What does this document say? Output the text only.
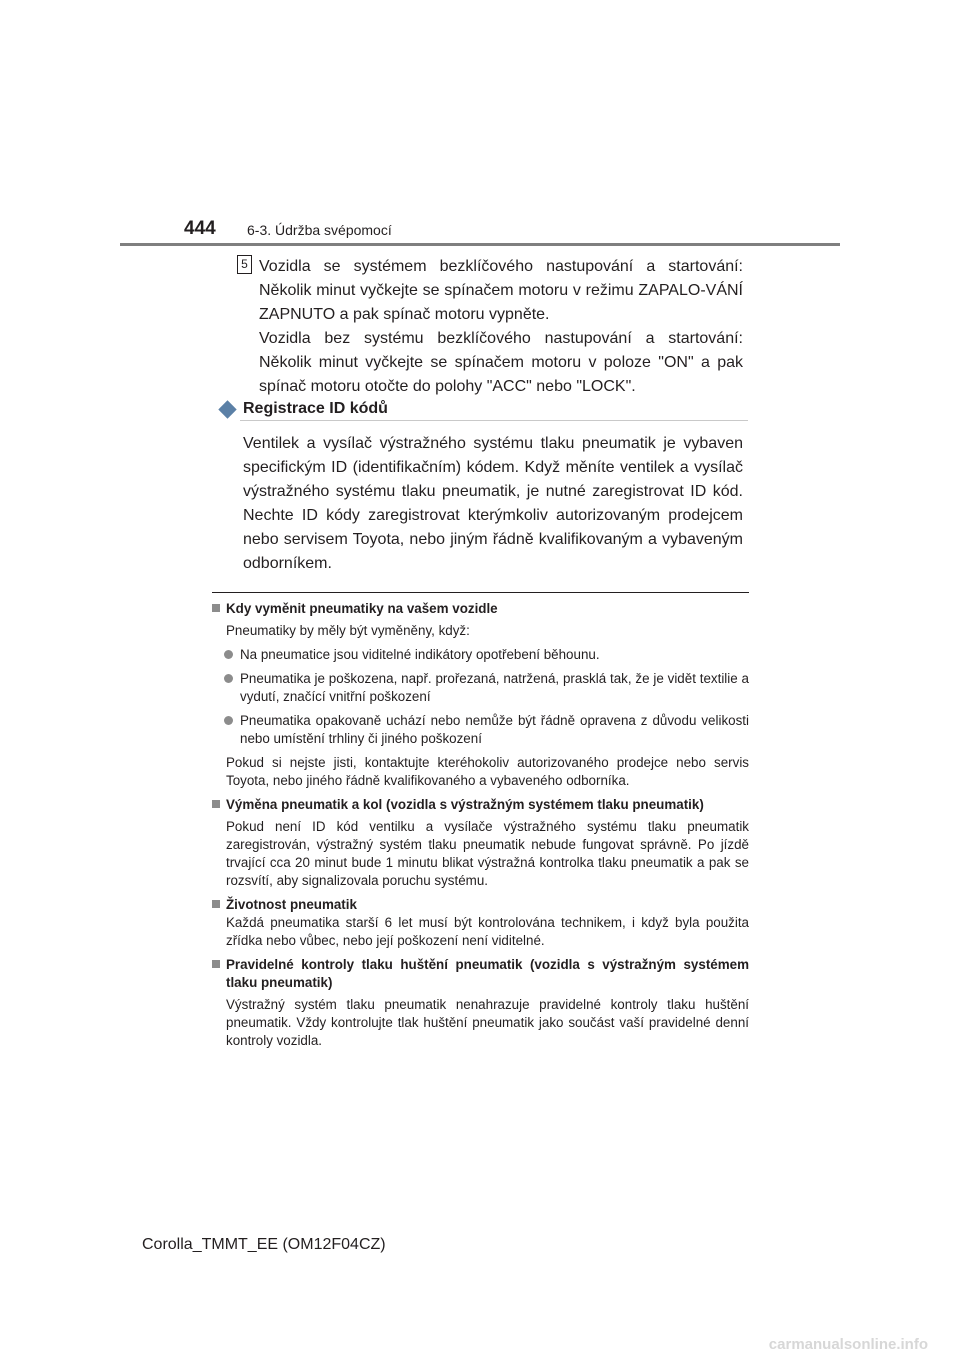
444 6-3. Údržba svépomocí
5 Vozidla se systémem bezklíčového nastupování a startování: Několik minut vyčkejte se spínačem motoru v režimu ZAPALO-VÁNÍ ZAPNUTO a pak spínač motoru vypněte.

Vozidla bez systému bezklíčového nastupování a startování: Několik minut vyčkejte se spínačem motoru v poloze "ON" a pak spínač motoru otočte do polohy "ACC" nebo "LOCK".

Registrace ID kódů
Ventilek a vysílač výstražného systému tlaku pneumatik je vybaven specifickým ID (identifikačním) kódem. Když měníte ventilek a vysílač výstražného systému tlaku pneumatik, je nutné zaregistrovat ID kód. Nechte ID kódy zaregistrovat kterýmkoliv autorizovaným prodejcem nebo servisem Toyota, nebo jiným řádně kvalifikovaným a vybaveným odborníkem.

Kdy vyměnit pneumatiky na vašem vozidle

Pneumatiky by měly být vyměněny, když:

Na pneumatice jsou viditelné indikátory opotřebení běhounu.

Pneumatika je poškozena, např. prořezaná, natržená, prasklá tak, že je vidět textilie a vydutí, značící vnitřní poškození

Pneumatika opakovaně uchází nebo nemůže být řádně opravena z důvodu velikosti nebo umístění trhliny či jiného poškození

Pokud si nejste jisti, kontaktujte kteréhokoliv autorizovaného prodejce nebo servis Toyota, nebo jiného řádně kvalifikovaného a vybaveného odborníka.

Výměna pneumatik a kol (vozidla s výstražným systémem tlaku pneumatik)

Pokud není ID kód ventilku a vysílače výstražného systému tlaku pneumatik zaregistrován, výstražný systém tlaku pneumatik nebude fungovat správně. Po jízdě trvající cca 20 minut bude 1 minutu blikat výstražná kontrolka tlaku pneumatik a pak se rozsvítí, aby signalizovala poruchu systému.

Životnost pneumatik

Každá pneumatika starší 6 let musí být kontrolována technikem, i když byla použita zřídka nebo vůbec, nebo její poškození není viditelné.

Pravidelné kontroly tlaku huštění pneumatik (vozidla s výstražným systémem tlaku pneumatik)

Výstražný systém tlaku pneumatik nenahrazuje pravidelné kontroly tlaku huštění pneumatik. Vždy kontrolujte tlak huštění pneumatik jako součást vaší pravidelné denní kontroly vozidla.

Corolla_TMMT_EE (OM12F04CZ)
carmanualsonline.info
